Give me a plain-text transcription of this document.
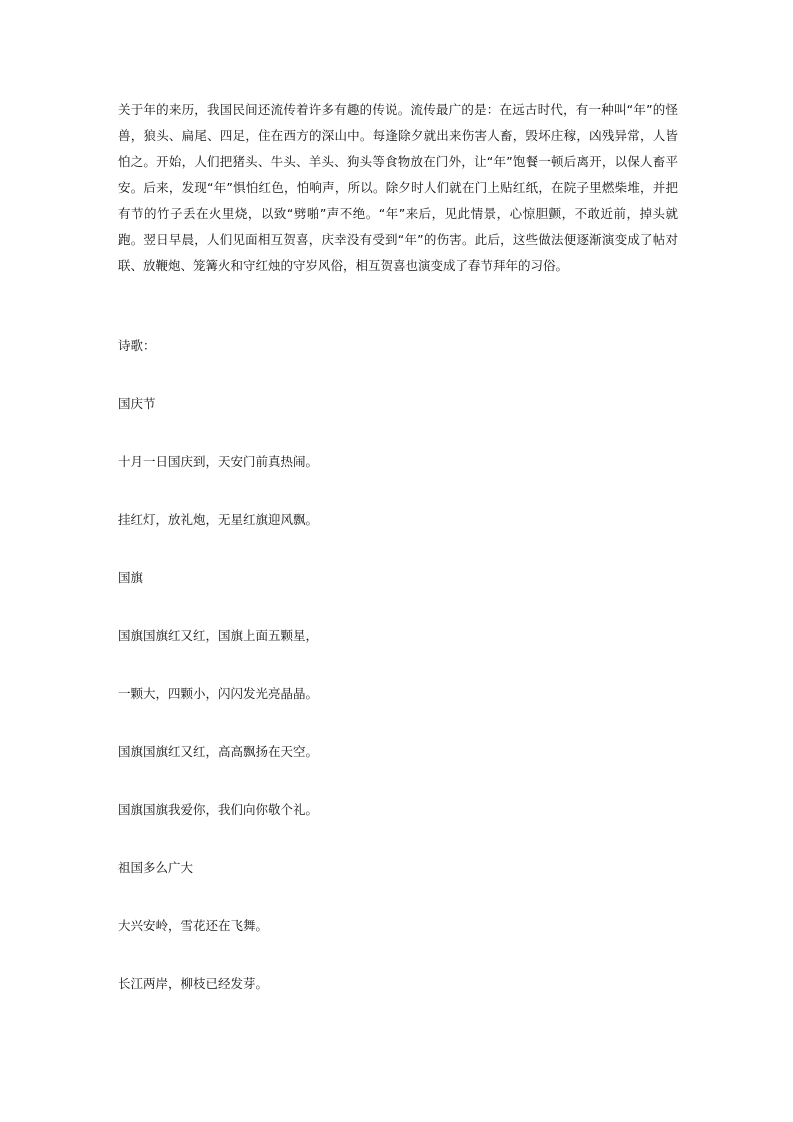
关于年的来历，我国民间还流传着许多有趣的传说。流传最广的是：在远古时代，有一种叫“年”的怪兽，狼头、扁尾、四足，住在西方的深山中。每逢除夕就出来伤害人畜，毁坏庄稼，凶残异常，人皆怕之。开始，人们把猪头、牛头、羊头、狗头等食物放在门外，让“年”饱餐一顿后离开，以保人畜平安。后来，发现“年”惧怕红色，怕响声，所以。除夕时人们就在门上贴红纸，在院子里燃柴堆，并把有节的竹子丢在火里烧，以致“劈啪”声不绝。“年”来后，见此情景，心惊胆颤，不敢近前，掉头就跑。翌日早晨，人们见面相互贺喜，庆幸没有受到“年”的伤害。此后，这些做法便逐渐演变成了帖对联、放鞭炮、笼篝火和守红烛的守岁风俗，相互贺喜也演变成了春节拜年的习俗。

诗歌：

国庆节

十月一日国庆到，天安门前真热闹。

挂红灯，放礼炮，无星红旗迎风飘。

国旗

国旗国旗红又红，国旗上面五颗星，

一颗大，四颗小，闪闪发光亮晶晶。

国旗国旗红又红，高高飘扬在天空。

国旗国旗我爱你，我们向你敬个礼。

祖国多么广大

大兴安岭，雪花还在飞舞。

长江两岸，柳枝已经发芽。
